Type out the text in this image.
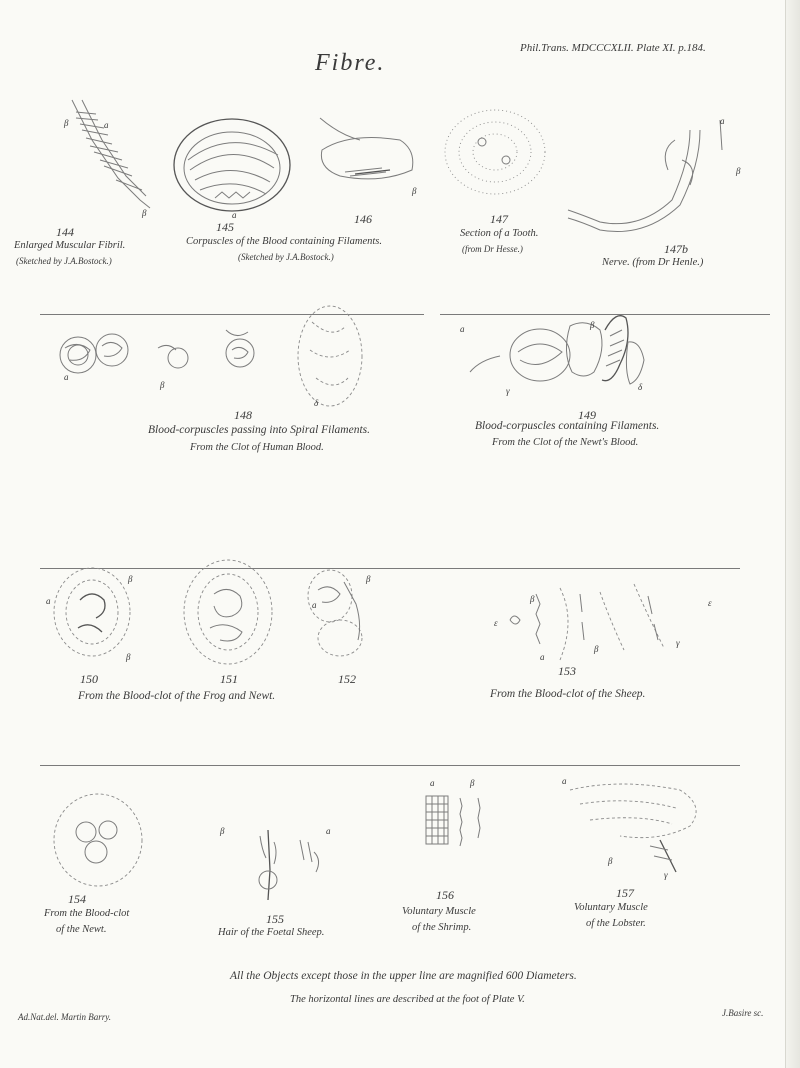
Fibre.
Phil.Trans. MDCCCXLII. Plate XI. p.184.
144
Enlarged Muscular Fibril.
(Sketched by J.A.Bostock.)
145
Corpuscles of the Blood containing Filaments.
(Sketched by J.A.Bostock.)
146	147
Section of a Tooth.
(from Dr Hesse.)	147b
Nerve. (from Dr Henle.)
148
Blood-corpuscles passing into Spiral Filaments.
From the Clot of Human Blood.
149
Blood-corpuscles containing Filaments.
From the Clot of the Newt's Blood.
150	151	152
From the Blood-clot of the Frog and Newt.
153
From the Blood-clot of the Sheep.
154
From the Blood-clot
of the Newt.
155
Hair of the Foetal Sheep.
156
Voluntary Muscle
of the Shrimp.
157
Voluntary Muscle
of the Lobster.
β	a
β	a
β
a
β
a
β
β
a
γ	δ
δ
β
a
β
β
a
β
ε
ε
β
a
γ
β	a
a	β	a
β
γ
All the Objects except those in the upper line are magnified 600 Diameters.
The horizontal lines are described at the foot of Plate V.
Ad.Nat.del. Martin Barry.	J.Basire sc.
